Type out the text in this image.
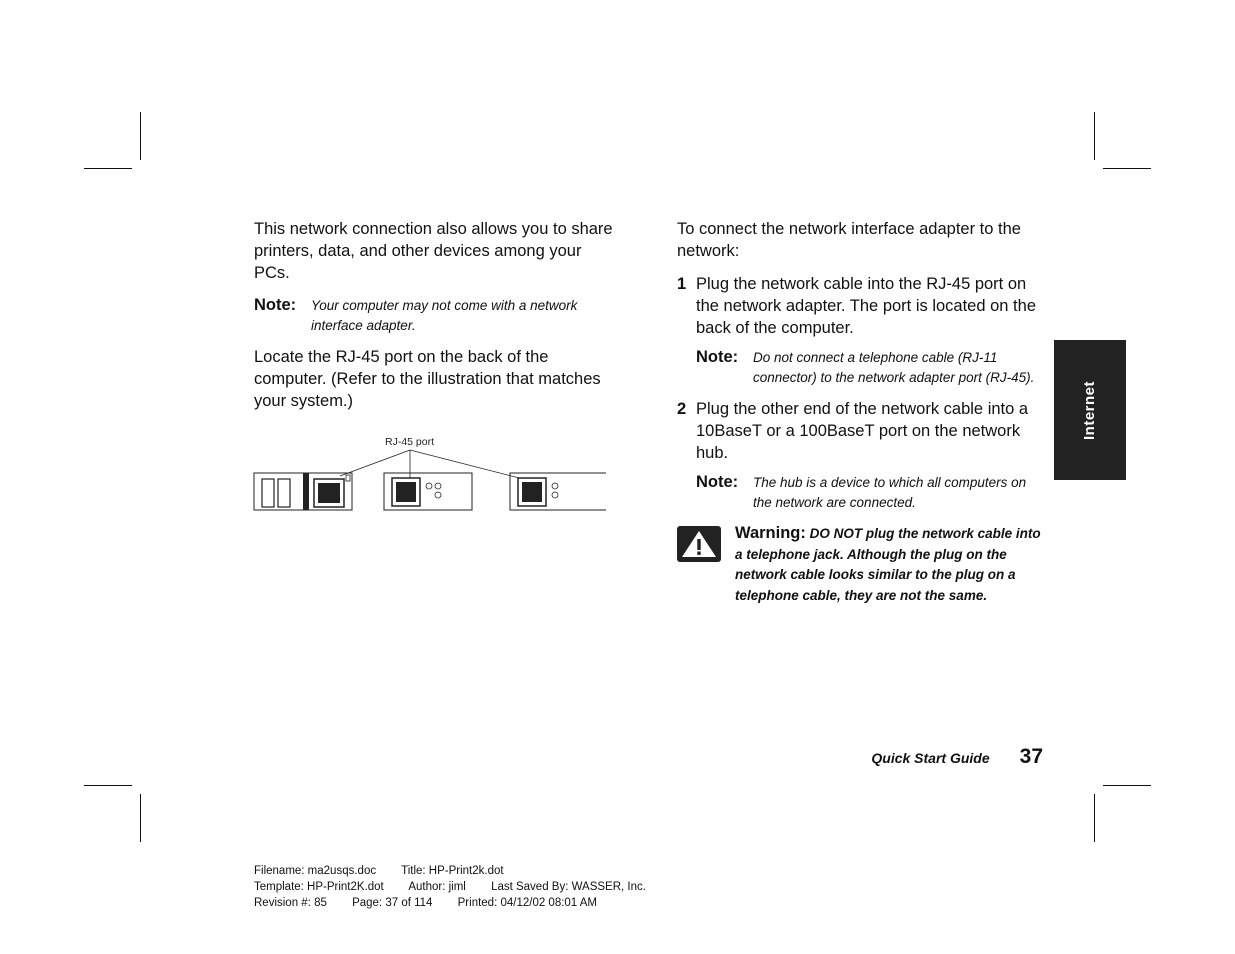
This network connection also allows you to share printers, data, and other devices among your PCs.

Note:	Your computer may not come with a network interface adapter.

Locate the RJ-45 port on the back of the computer. (Refer to the illustration that matches your system.)

RJ-45 port

To connect the network interface adapter to the network:

1 Plug the network cable into the RJ-45 port on the network adapter. The port is located on the back of the computer.
Note:	Do not connect a telephone cable (RJ-11 connector) to the network adapter port (RJ-45).
2 Plug the other end of the network cable into a 10BaseT or a 100BaseT port on the network hub.
Note:	The hub is a device to which all computers on the network are connected.
Warning: DO NOT plug the network cable into a telephone jack. Although the plug on the network cable looks similar to the plug on a telephone cable, they are not the same.
Internet
Quick Start Guide 37
Filename: ma2usqs.doc Title: HP-Print2k.dot
Template: HP-Print2K.dot Author: jiml Last Saved By: WASSER, Inc.
Revision #: 85 Page: 37 of 114 Printed: 04/12/02 08:01 AM
